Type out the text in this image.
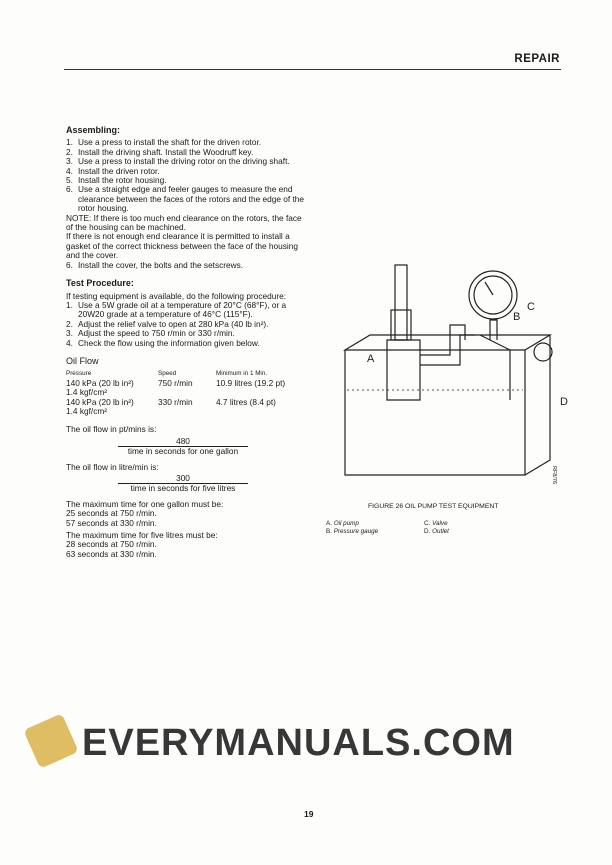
REPAIR
Assembling:
1. Use a press to install the shaft for the driven rotor.
2. Install the driving shaft. Install the Woodruff key.
3. Use a press to install the driving rotor on the driving shaft.
4. Install the driven rotor.
5. Install the rotor housing.
6. Use a straight edge and feeler gauges to measure the end clearance between the faces of the rotors and the edge of the rotor housing.

NOTE: If there is too much end clearance on the rotors, the face of the housing can be machined.

If there is not enough end clearance it is permitted to install a gasket of the correct thickness between the face of the housing and the cover.

6. Install the cover, the bolts and the setscrews.
Test Procedure:

If testing equipment is available, do the following procedure:

1. Use a 5W grade oil at a temperature of 20°C (68°F), or a 20W20 grade at a temperature of 46°C (115°F).
2. Adjust the relief valve to open at 280 kPa (40 lb in²).
3. Adjust the speed to 750 r/min or 330 r/min.
4. Check the flow using the information given below.

Oil Flow

Pressure	Speed	Minimum in 1 Min.

140 kPa (20 lb in²)
1.4 kgf/cm²	750 r/min	10.9 litres (19.2 pt)

140 kPa (20 lb in²)
1.4 kgf/cm²	330 r/min	4.7 litres (8.4 pt)

The oil flow in pt/mins is:

480
time in seconds for one gallon

The oil flow in litre/min is:

300
time in seconds for five litres

The maximum time for one gallon must be:

25 seconds at 750 r/min.

57 seconds at 330 r/min.

The maximum time for five litres must be:

28 seconds at 750 r/min.

63 seconds at 330 r/min.

A
B
C
D
RF8/76
FIGURE 26 OIL PUMP TEST EQUIPMENT
A. Oil pump
B. Pressure gauge
C. Valve
D. Outlet
EVERYMANUALS.COM
19
